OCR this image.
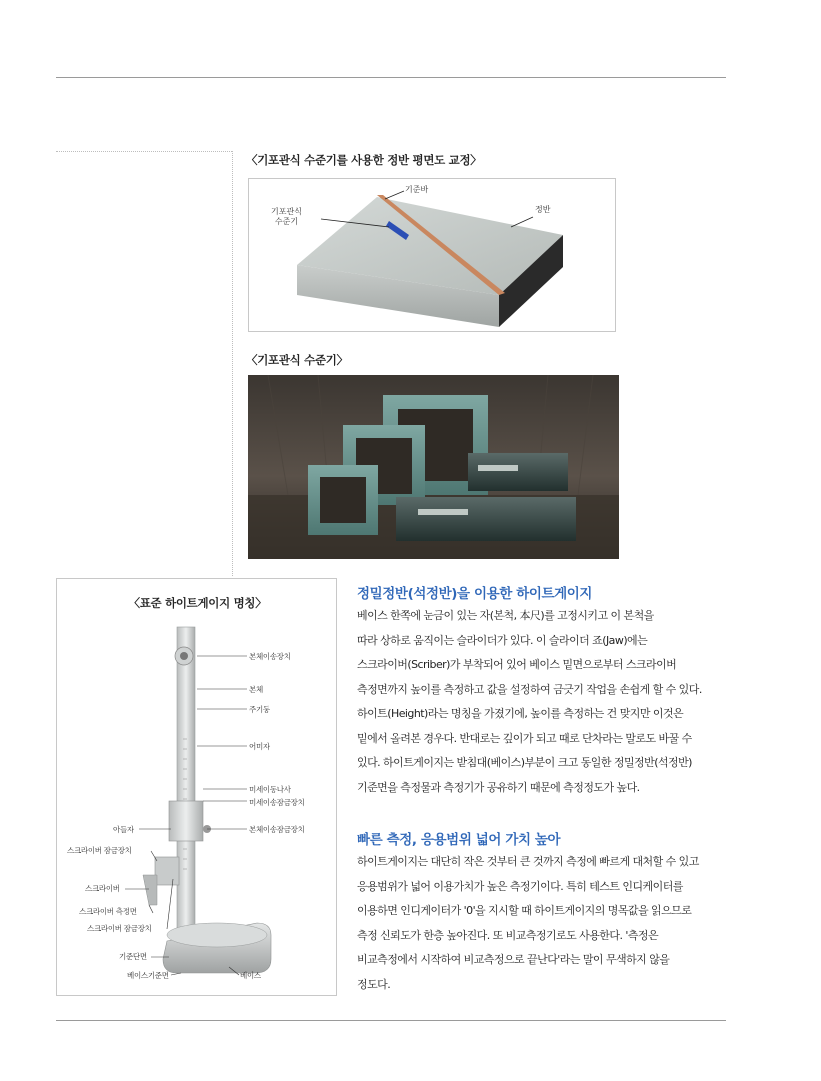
〈기포관식 수준기를 사용한 정반 평면도 교정〉
기준바
정반
기포관식
수준기
〈기포관식 수준기〉
〈표준 하이트게이지 명칭〉
본체이송장치
본체
주기둥
어미자
미세이동나사
미세이송잠금장치
본체이송잠금장치
베이스
아들자
스크라이버 잠금장치
스크라이버
스크라이버 측정면
스크라이버 잠금장치
기준단면
베이스기준면
정밀정반(석정반)을 이용한 하이트게이지
베이스 한쪽에 눈금이 있는 자(본척, 本尺)를 고정시키고 이 본척을
따라 상하로 움직이는 슬라이더가 있다. 이 슬라이더 죠(Jaw)에는
스크라이버(Scriber)가 부착되어 있어 베이스 밑면으로부터 스크라이버
측정면까지 높이를 측정하고 값을 설정하여 금긋기 작업을 손쉽게 할 수 있다.
하이트(Height)라는 명칭을 가졌기에, 높이를 측정하는 건 맞지만 이것은
밑에서 올려본 경우다. 반대로는 깊이가 되고 때로 단차라는 말로도 바꿀 수
있다. 하이트게이지는 받침대(베이스)부분이 크고 동일한 정밀정반(석정반)
기준면을 측정물과 측정기가 공유하기 때문에 측정정도가 높다.
빠른 측정, 응용범위 넓어 가치 높아
하이트게이지는 대단히 작은 것부터 큰 것까지 측정에 빠르게 대처할 수 있고
응용범위가 넓어 이용가치가 높은 측정기이다. 특히 테스트 인디케이터를
이용하면 인디게이터가 '0'을 지시할 때 하이트게이지의 명목값을 읽으므로
측정 신뢰도가 한층 높아진다. 또 비교측정기로도 사용한다. '측정은
비교측정에서 시작하여 비교측정으로 끝난다'라는 말이 무색하지 않을
정도다.
